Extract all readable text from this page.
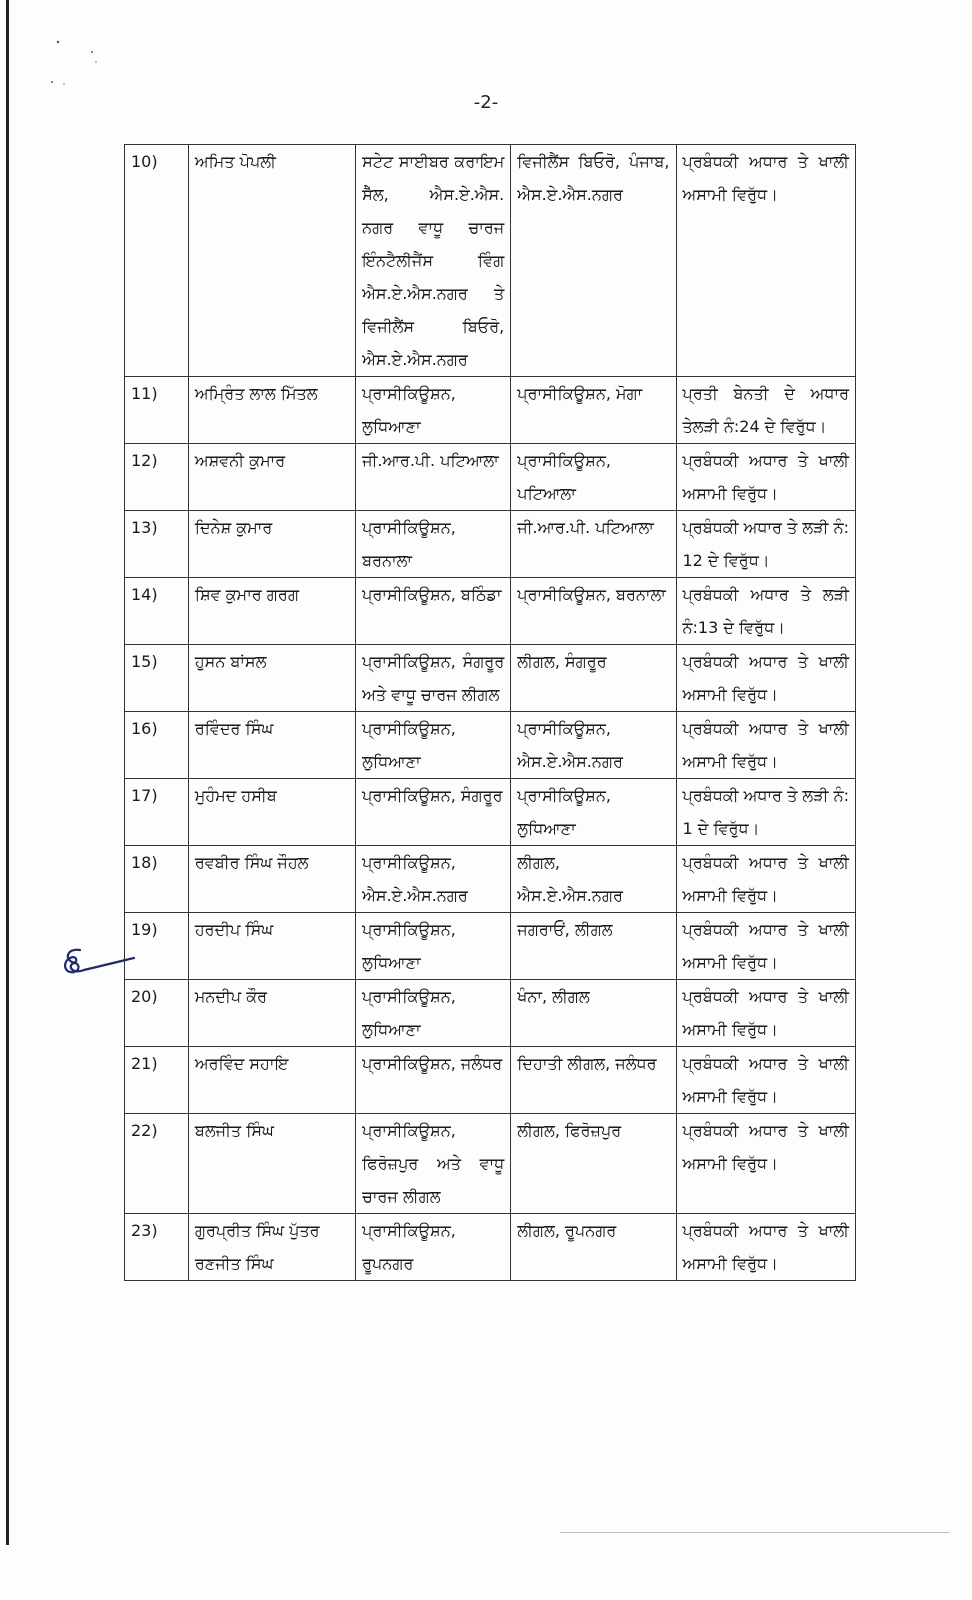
-2-
10)	ਅਮਿਤ ਪੋਪਲੀ	ਸਟੇਟ ਸਾਈਬਰ ਕਰਾਇਮ ਸੈੱਲ, ਐਸ.ਏ.ਐਸ. ਨਗਰ ਵਾਧੂ ਚਾਰਜ ਇੰਨਟੈਲੀਜੈਂਸ ਵਿੰਗ ਐਸ.ਏ.ਐਸ.ਨਗਰ ਤੇ ਵਿਜੀਲੈਂਸ ਬਿਓਰੋ, ਐਸ.ਏ.ਐਸ.ਨਗਰ	ਵਿਜੀਲੈਂਸ ਬਿਓਰੋ, ਪੰਜਾਬ, ਐਸ.ਏ.ਐਸ.ਨਗਰ	ਪ੍ਰਬੰਧਕੀ ਅਧਾਰ ਤੇ ਖਾਲੀ ਅਸਾਮੀ ਵਿਰੁੱਧ।
11)	ਅਮ੍ਰਿੰਤ ਲਾਲ ਮਿੱਤਲ	ਪ੍ਰਾਸੀਕਿਊਸ਼ਨ, ਲੁਧਿਆਣਾ	ਪ੍ਰਾਸੀਕਿਊਸ਼ਨ, ਮੋਗਾ	ਪ੍ਰਤੀ ਬੇਨਤੀ ਦੇ ਅਧਾਰ ਤੇਲੜੀ ਨੰ:24 ਦੇ ਵਿਰੁੱਧ।
12)	ਅਸ਼ਵਨੀ ਕੁਮਾਰ	ਜੀ.ਆਰ.ਪੀ. ਪਟਿਆਲਾ	ਪ੍ਰਾਸੀਕਿਊਸ਼ਨ, ਪਟਿਆਲਾ	ਪ੍ਰਬੰਧਕੀ ਅਧਾਰ ਤੇ ਖਾਲੀ ਅਸਾਮੀ ਵਿਰੁੱਧ।
13)	ਦਿਨੇਸ਼ ਕੁਮਾਰ	ਪ੍ਰਾਸੀਕਿਊਸ਼ਨ, ਬਰਨਾਲਾ	ਜੀ.ਆਰ.ਪੀ. ਪਟਿਆਲਾ	ਪ੍ਰਬੰਧਕੀ ਅਧਾਰ ਤੇ ਲੜੀ ਨੰ: 12 ਦੇ ਵਿਰੁੱਧ।
14)	ਸ਼ਿਵ ਕੁਮਾਰ ਗਰਗ	ਪ੍ਰਾਸੀਕਿਊਸ਼ਨ, ਬਠਿੰਡਾ	ਪ੍ਰਾਸੀਕਿਊਸ਼ਨ, ਬਰਨਾਲਾ	ਪ੍ਰਬੰਧਕੀ ਅਧਾਰ ਤੇ ਲੜੀ ਨੰ:13 ਦੇ ਵਿਰੁੱਧ।
15)	ਹੁਸਨ ਬਾਂਸਲ	ਪ੍ਰਾਸੀਕਿਊਸ਼ਨ, ਸੰਗਰੂਰ ਅਤੇ ਵਾਧੂ ਚਾਰਜ ਲੀਗਲ	ਲੀਗਲ, ਸੰਗਰੂਰ	ਪ੍ਰਬੰਧਕੀ ਅਧਾਰ ਤੇ ਖਾਲੀ ਅਸਾਮੀ ਵਿਰੁੱਧ।
16)	ਰਵਿੰਦਰ ਸਿੰਘ	ਪ੍ਰਾਸੀਕਿਊਸ਼ਨ, ਲੁਧਿਆਣਾ	ਪ੍ਰਾਸੀਕਿਊਸ਼ਨ, ਐਸ.ਏ.ਐਸ.ਨਗਰ	ਪ੍ਰਬੰਧਕੀ ਅਧਾਰ ਤੇ ਖਾਲੀ ਅਸਾਮੀ ਵਿਰੁੱਧ।
17)	ਮੁਹੰਮਦ ਹਸੀਬ	ਪ੍ਰਾਸੀਕਿਊਸ਼ਨ, ਸੰਗਰੂਰ	ਪ੍ਰਾਸੀਕਿਊਸ਼ਨ, ਲੁਧਿਆਣਾ	ਪ੍ਰਬੰਧਕੀ ਅਧਾਰ ਤੇ ਲੜੀ ਨੰ: 1 ਦੇ ਵਿਰੁੱਧ।
18)	ਰਵਬੀਰ ਸਿੰਘ ਜੌਹਲ	ਪ੍ਰਾਸੀਕਿਊਸ਼ਨ, ਐਸ.ਏ.ਐਸ.ਨਗਰ	ਲੀਗਲ, ਐਸ.ਏ.ਐਸ.ਨਗਰ	ਪ੍ਰਬੰਧਕੀ ਅਧਾਰ ਤੇ ਖਾਲੀ ਅਸਾਮੀ ਵਿਰੁੱਧ।
19)	ਹਰਦੀਪ ਸਿੰਘ	ਪ੍ਰਾਸੀਕਿਊਸ਼ਨ, ਲੁਧਿਆਣਾ	ਜਗਰਾਓਂ, ਲੀਗਲ	ਪ੍ਰਬੰਧਕੀ ਅਧਾਰ ਤੇ ਖਾਲੀ ਅਸਾਮੀ ਵਿਰੁੱਧ।
20)	ਮਨਦੀਪ ਕੌਰ	ਪ੍ਰਾਸੀਕਿਊਸ਼ਨ, ਲੁਧਿਆਣਾ	ਖੰਨਾ, ਲੀਗਲ	ਪ੍ਰਬੰਧਕੀ ਅਧਾਰ ਤੇ ਖਾਲੀ ਅਸਾਮੀ ਵਿਰੁੱਧ।
21)	ਅਰਵਿੰਦ ਸਹਾਇ	ਪ੍ਰਾਸੀਕਿਊਸ਼ਨ, ਜਲੰਧਰ	ਦਿਹਾਤੀ ਲੀਗਲ, ਜਲੰਧਰ	ਪ੍ਰਬੰਧਕੀ ਅਧਾਰ ਤੇ ਖਾਲੀ ਅਸਾਮੀ ਵਿਰੁੱਧ।
22)	ਬਲਜੀਤ ਸਿੰਘ	ਪ੍ਰਾਸੀਕਿਊਸ਼ਨ, ਫਿਰੋਜ਼ਪੁਰ ਅਤੇ ਵਾਧੂ ਚਾਰਜ ਲੀਗਲ	ਲੀਗਲ, ਫਿਰੋਜ਼ਪੁਰ	ਪ੍ਰਬੰਧਕੀ ਅਧਾਰ ਤੇ ਖਾਲੀ ਅਸਾਮੀ ਵਿਰੁੱਧ।
23)	ਗੁਰਪ੍ਰੀਤ ਸਿੰਘ ਪੁੱਤਰ ਰਣਜੀਤ ਸਿੰਘ	ਪ੍ਰਾਸੀਕਿਊਸ਼ਨ, ਰੂਪਨਗਰ	ਲੀਗਲ, ਰੂਪਨਗਰ	ਪ੍ਰਬੰਧਕੀ ਅਧਾਰ ਤੇ ਖਾਲੀ ਅਸਾਮੀ ਵਿਰੁੱਧ।
